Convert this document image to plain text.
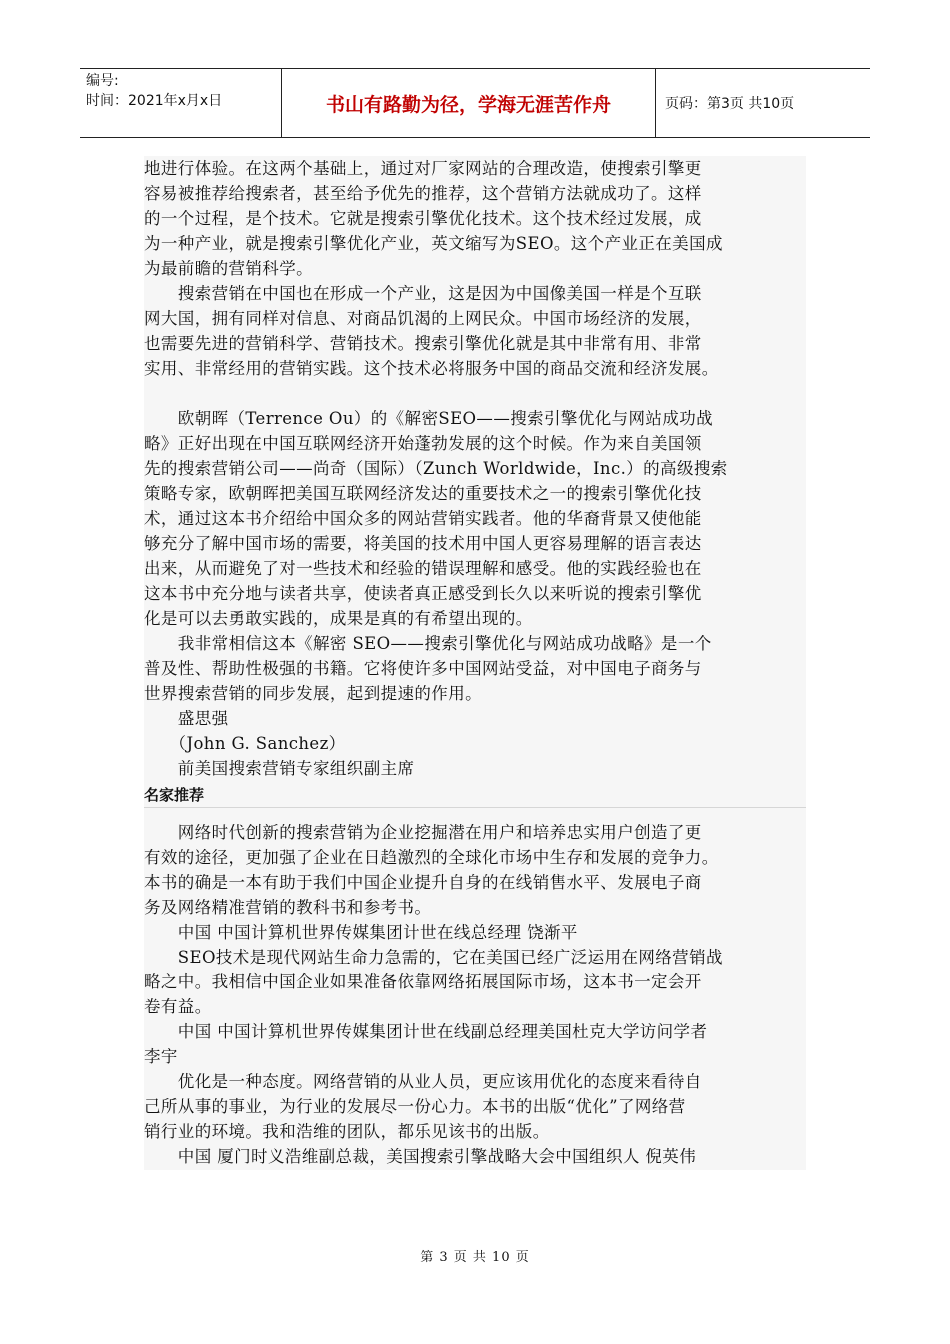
编号:
时间：2021年x月x日	书山有路勤为径，学海无涯苦作舟	页码：第3页 共10页
地进行体验。在这两个基础上，通过对厂家网站的合理改造，使搜索引擎更
容易被推荐给搜索者，甚至给予优先的推荐，这个营销方法就成功了。这样
的一个过程，是个技术。它就是搜索引擎优化技术。这个技术经过发展，成
为一种产业，就是搜索引擎优化产业，英文缩写为SEO。这个产业正在美国成
为最前瞻的营销科学。
　　搜索营销在中国也在形成一个产业，这是因为中国像美国一样是个互联
网大国，拥有同样对信息、对商品饥渴的上网民众。中国市场经济的发展，
也需要先进的营销科学、营销技术。搜索引擎优化就是其中非常有用、非常
实用、非常经用的营销实践。这个技术必将服务中国的商品交流和经济发展。
　　欧朝晖（Terrence Ou）的《解密SEO——搜索引擎优化与网站成功战
略》正好出现在中国互联网经济开始蓬勃发展的这个时候。作为来自美国领
先的搜索营销公司——尚奇（国际）（Zunch Worldwide，Inc.）的高级搜索
策略专家，欧朝晖把美国互联网经济发达的重要技术之一的搜索引擎优化技
术，通过这本书介绍给中国众多的网站营销实践者。他的华裔背景又使他能
够充分了解中国市场的需要，将美国的技术用中国人更容易理解的语言表达
出来，从而避免了对一些技术和经验的错误理解和感受。他的实践经验也在
这本书中充分地与读者共享，使读者真正感受到长久以来听说的搜索引擎优
化是可以去勇敢实践的，成果是真的有希望出现的。
　　我非常相信这本《解密 SEO——搜索引擎优化与网站成功战略》是一个
普及性、帮助性极强的书籍。它将使许多中国网站受益，对中国电子商务与
世界搜索营销的同步发展，起到提速的作用。
　　盛思强
　　（John G. Sanchez）
　　前美国搜索营销专家组织副主席
名家推荐
　　网络时代创新的搜索营销为企业挖掘潜在用户和培养忠实用户创造了更
有效的途径，更加强了企业在日趋激烈的全球化市场中生存和发展的竞争力。
本书的确是一本有助于我们中国企业提升自身的在线销售水平、发展电子商
务及网络精准营销的教科书和参考书。
　　中国 中国计算机世界传媒集团计世在线总经理 饶渐平
　　SEO技术是现代网站生命力急需的，它在美国已经广泛运用在网络营销战
略之中。我相信中国企业如果准备依靠网络拓展国际市场，这本书一定会开
卷有益。
　　中国 中国计算机世界传媒集团计世在线副总经理美国杜克大学访问学者
李宇
　　优化是一种态度。网络营销的从业人员，更应该用优化的态度来看待自
己所从事的事业，为行业的发展尽一份心力。本书的出版“优化”了网络营
销行业的环境。我和浩维的团队，都乐见该书的出版。
　　中国 厦门时义浩维副总裁，美国搜索引擎战略大会中国组织人 倪英伟
第 3 页 共 10 页
